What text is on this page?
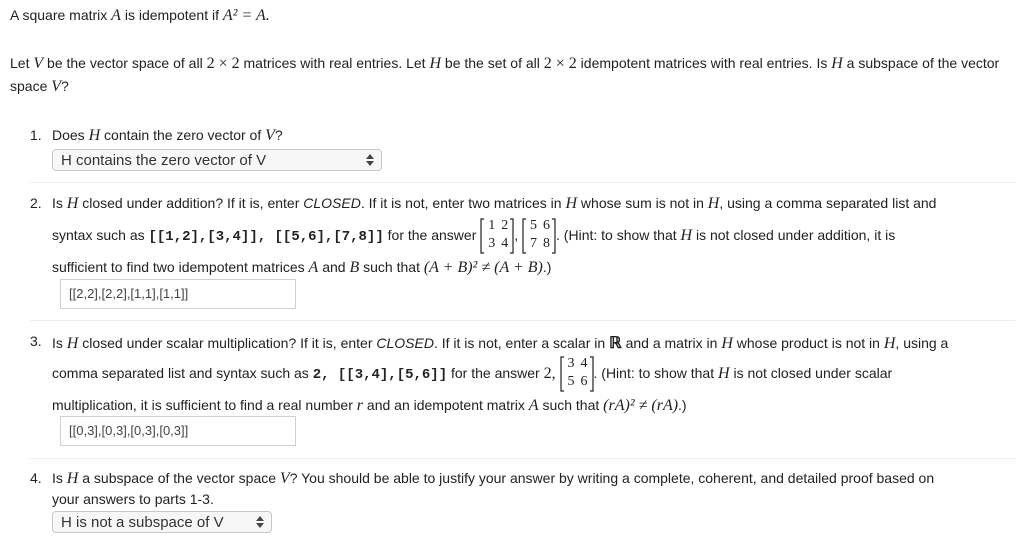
A square matrix A is idempotent if A² = A.
Let V be the vector space of all 2 × 2 matrices with real entries. Let H be the set of all 2 × 2 idempotent matrices with real entries. Is H a subspace of the vector space V?
1. Does H contain the zero vector of V?
H contains the zero vector of V
2. Is H closed under addition? If it is, enter CLOSED. If it is not, enter two matrices in H whose sum is not in H, using a comma separated list and
syntax such as [[1,2],[3,4]], [[5,6],[7,8]] for the answer
1 2
3 4
,
5 6
7 8
. (Hint: to show that H is not closed under addition, it is
sufficient to find two idempotent matrices A and B such that (A + B)² ≠ (A + B).)
[[2,2],[2,2],[1,1],[1,1]]
3. Is H closed under scalar multiplication? If it is, enter CLOSED. If it is not, enter a scalar in ℝ and a matrix in H whose product is not in H, using a
comma separated list and syntax such as 2, [[3,4],[5,6]] for the answer 2,
3 4
5 6
. (Hint: to show that H is not closed under scalar
multiplication, it is sufficient to find a real number r and an idempotent matrix A such that (rA)² ≠ (rA).)
[[0,3],[0,3],[0,3],[0,3]]
4. Is H a subspace of the vector space V? You should be able to justify your answer by writing a complete, coherent, and detailed proof based on
your answers to parts 1-3.
H is not a subspace of V
